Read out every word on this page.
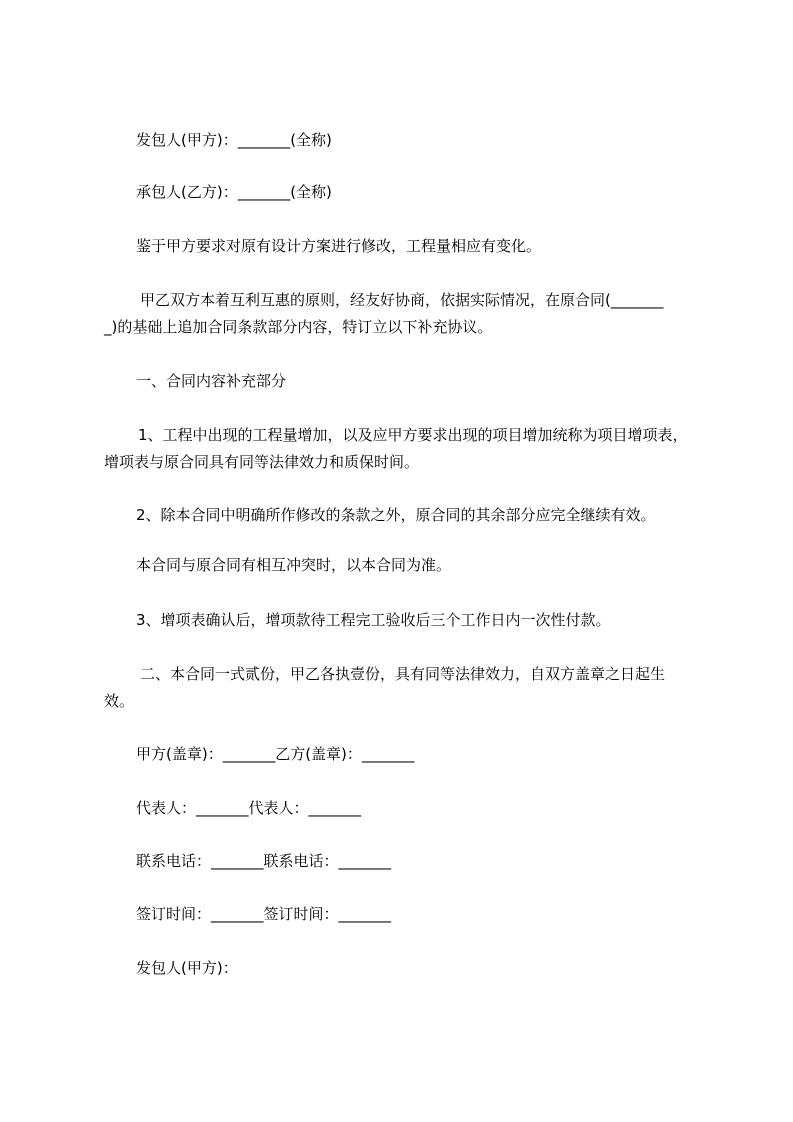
发包人(甲方)：_______(全称)
承包人(乙方)：_______(全称)
鉴于甲方要求对原有设计方案进行修改，工程量相应有变化。
甲乙双方本着互利互惠的原则，经友好协商，依据实际情况，在原合同(_______
_)的基础上追加合同条款部分内容，特订立以下补充协议。
一、合同内容补充部分
1、工程中出现的工程量增加，以及应甲方要求出现的项目增加统称为项目增项表，
增项表与原合同具有同等法律效力和质保时间。
2、除本合同中明确所作修改的条款之外，原合同的其余部分应完全继续有效。
本合同与原合同有相互冲突时，以本合同为准。
3、增项表确认后，增项款待工程完工验收后三个工作日内一次性付款。
二、本合同一式贰份，甲乙各执壹份，具有同等法律效力，自双方盖章之日起生
效。
甲方(盖章)：_______乙方(盖章)：_______
代表人：_______代表人：_______
联系电话：_______联系电话：_______
签订时间：_______签订时间：_______
发包人(甲方)：
